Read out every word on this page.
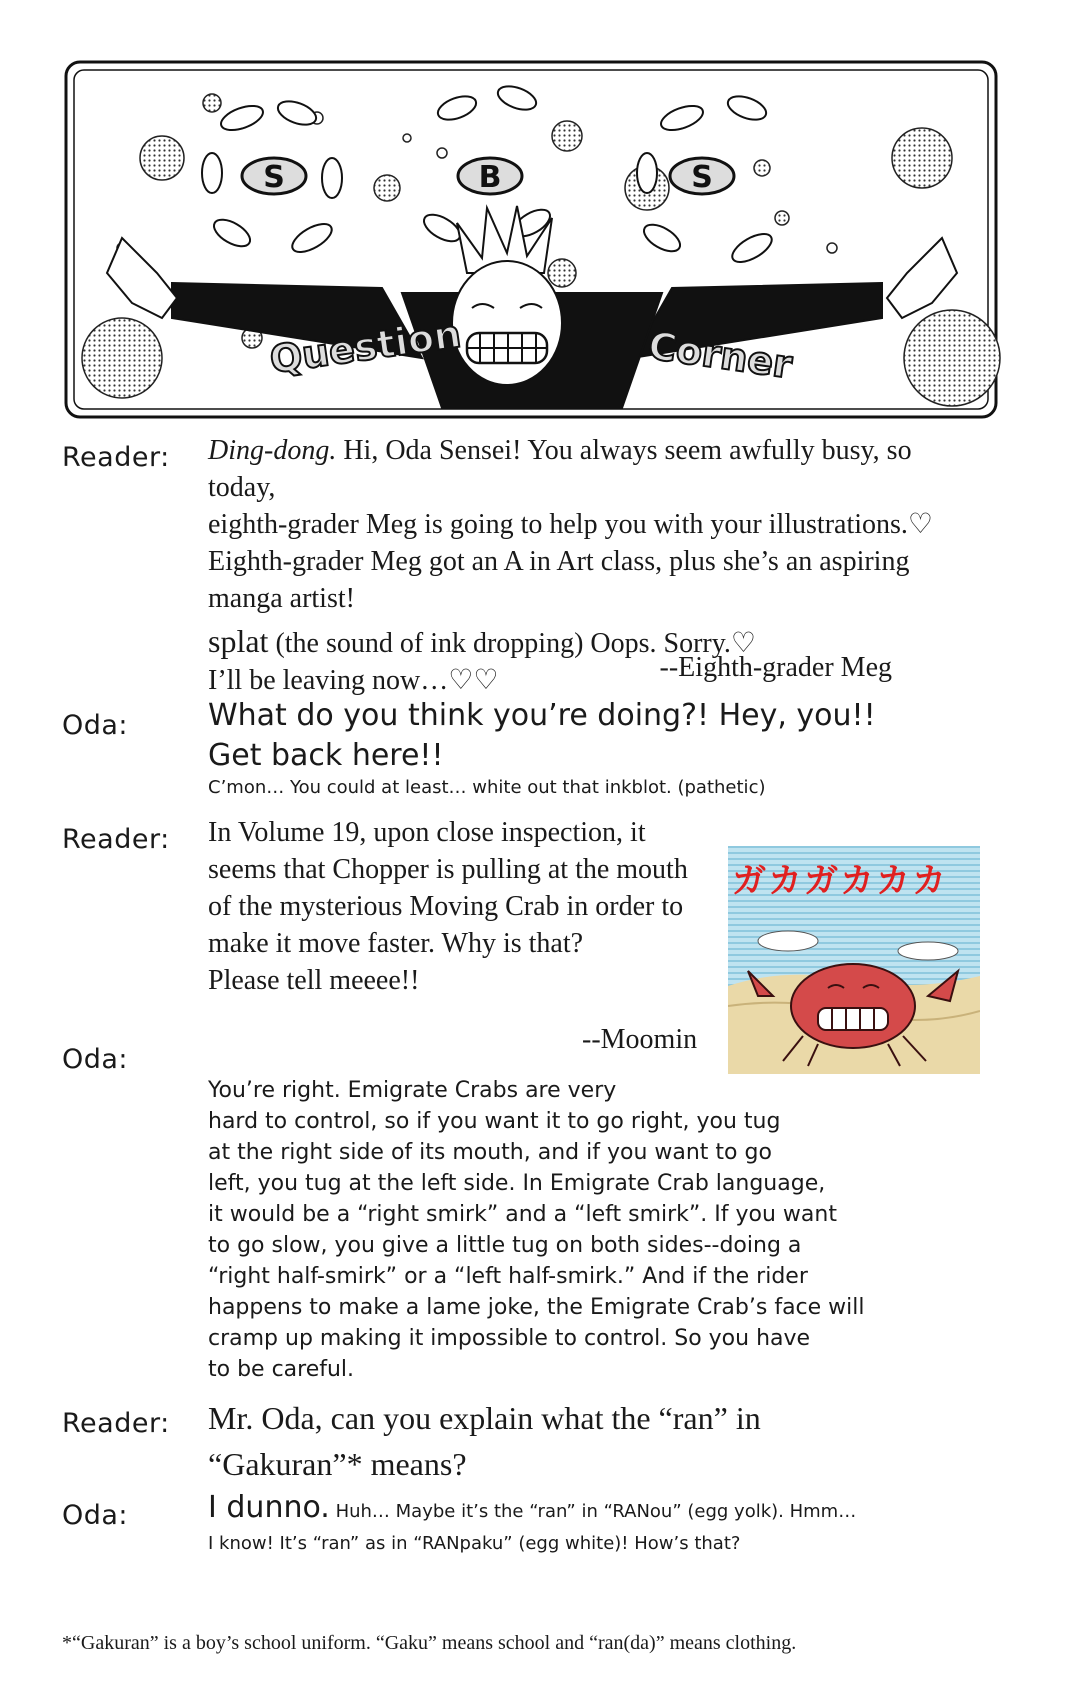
S	B	S
Question	Corner
Reader: Ding-dong. Hi, Oda Sensei! You always seem awfully busy, so today,

eighth-grader Meg is going to help you with your illustrations.♡

Eighth-grader Meg got an A in Art class, plus she’s an aspiring

manga artist!

splat (the sound of ink dropping) Oops. Sorry.♡

I’ll be leaving now…♡♡	--Eighth-grader Meg
Oda:	What do you think you’re doing?! Hey, you!!
Get back here!!
C’mon… You could at least… white out that inkblot. (pathetic)
Reader: In Volume 19, upon close inspection, it

seems that Chopper is pulling at the mouth

of the mysterious Moving Crab in order to

make it move faster. Why is that?

Please tell meeee!!

--Moomin
ガカガカカカ
Oda:
You’re right. Emigrate Crabs are very
hard to control, so if you want it to go right, you tug
at the right side of its mouth, and if you want to go
left, you tug at the left side. In Emigrate Crab language,
it would be a “right smirk” and a “left smirk”. If you want
to go slow, you give a little tug on both sides--doing a
“right half-smirk” or a “left half-smirk.” And if the rider
happens to make a lame joke, the Emigrate Crab’s face will
cramp up making it impossible to control. So you have
to be careful.
Reader: Mr. Oda, can you explain what the “ran” in
“Gakuran”* means?
Oda:	I dunno. Huh… Maybe it’s the “ran” in “RANou” (egg yolk). Hmm…
I know! It’s “ran” as in “RANpaku” (egg white)! How’s that?
*“Gakuran” is a boy’s school uniform. “Gaku” means school and “ran(da)” means clothing.
